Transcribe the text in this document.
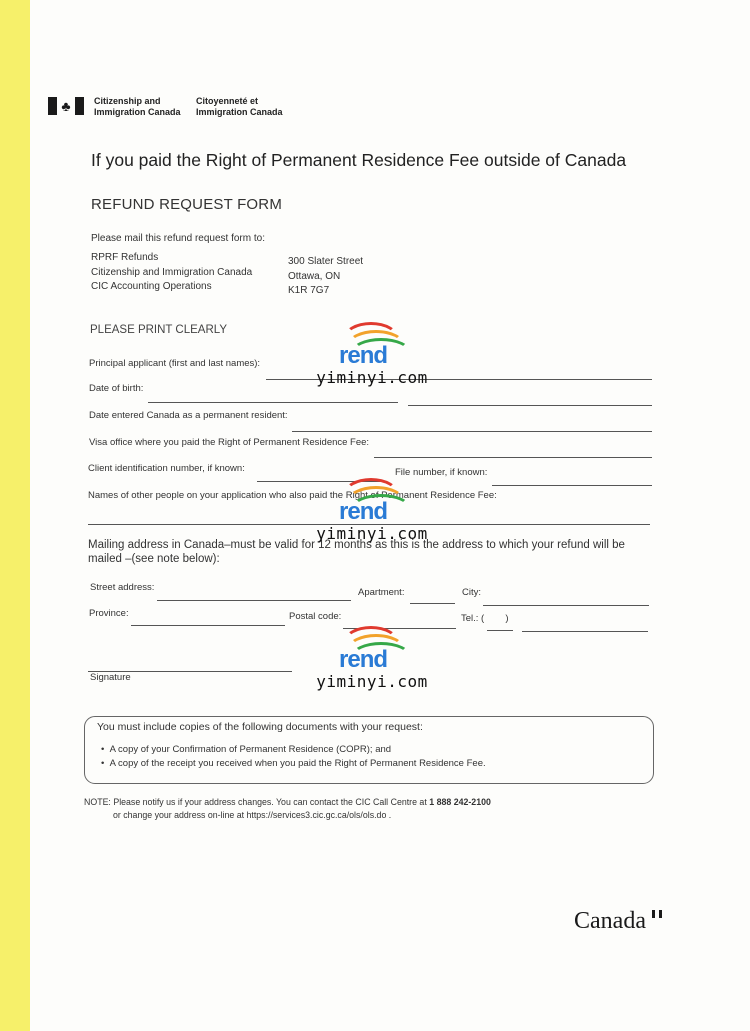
♣	Citizenship and
Immigration Canada
Citoyenneté et
Immigration Canada
If you paid the Right of Permanent Residence Fee outside of Canada
REFUND REQUEST FORM
Please mail this refund request form to:
RPRF Refunds
Citizenship and Immigration Canada
CIC Accounting Operations
300 Slater Street
Ottawa, ON
K1R 7G7
PLEASE PRINT CLEARLY
Principal applicant (first and last names):
Date of birth:
Date entered Canada as a permanent resident:
Visa office where you paid the Right of Permanent Residence Fee:
Client identification number, if known:	File number, if known:
Names of other people on your application who also paid the Right of Permanent Residence Fee:
Mailing address in Canada–must be valid for 12 months as this is the address to which your refund will be mailed –(see note below):
Street address:	Apartment:	City:
Province:	Postal code:	Tel.: (        )
Signature
You must include copies of the following documents with your request:
•  A copy of your Confirmation of Permanent Residence (COPR); and
•  A copy of the receipt you received when you paid the Right of Permanent Residence Fee.
NOTE: Please notify us if your address changes. You can contact the CIC Call Centre at 1 888 242-2100
or change your address on-line at https://services3.cic.gc.ca/ols/ols.do .
Canada
rend
yiminyi.com
rend
yiminyi.com
rend
yiminyi.com
